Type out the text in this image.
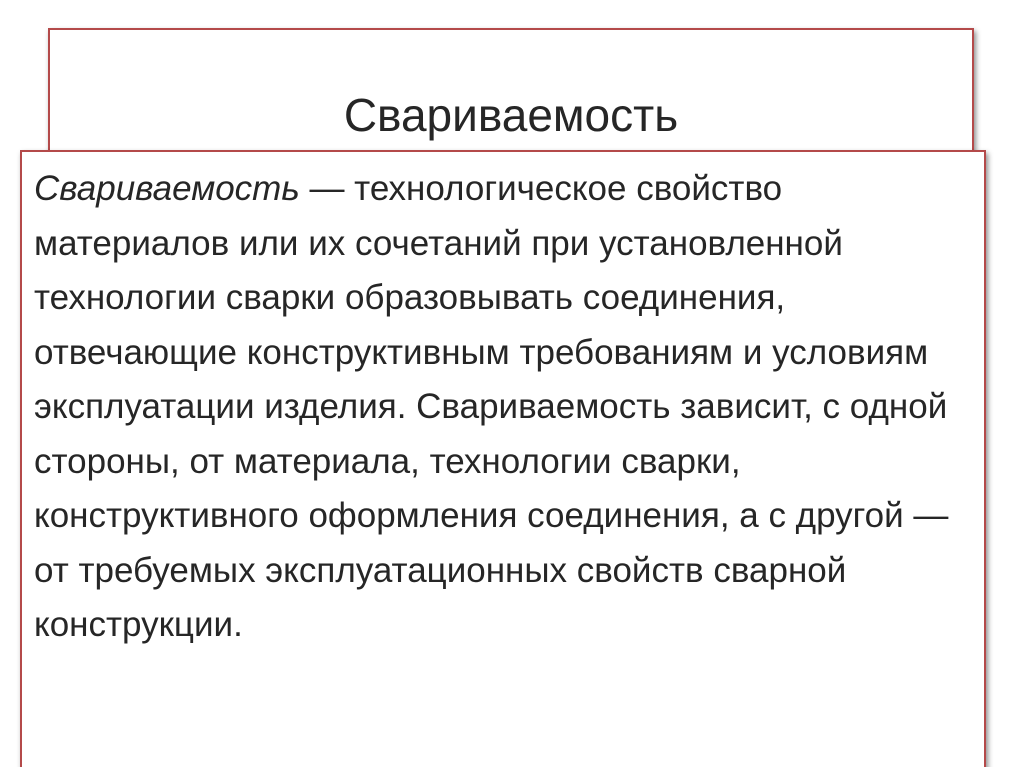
Свариваемость

Свариваемость — технологическое свойство материалов или их сочетаний при установленной технологии сварки образовывать соединения, отвечающие конструктивным требованиям и условиям эксплуатации изделия. Свариваемость зависит, с одной стороны, от материала, технологии сварки, конструктивного оформления соединения, а с другой — от требуемых эксплуатационных свойств сварной конструкции.
